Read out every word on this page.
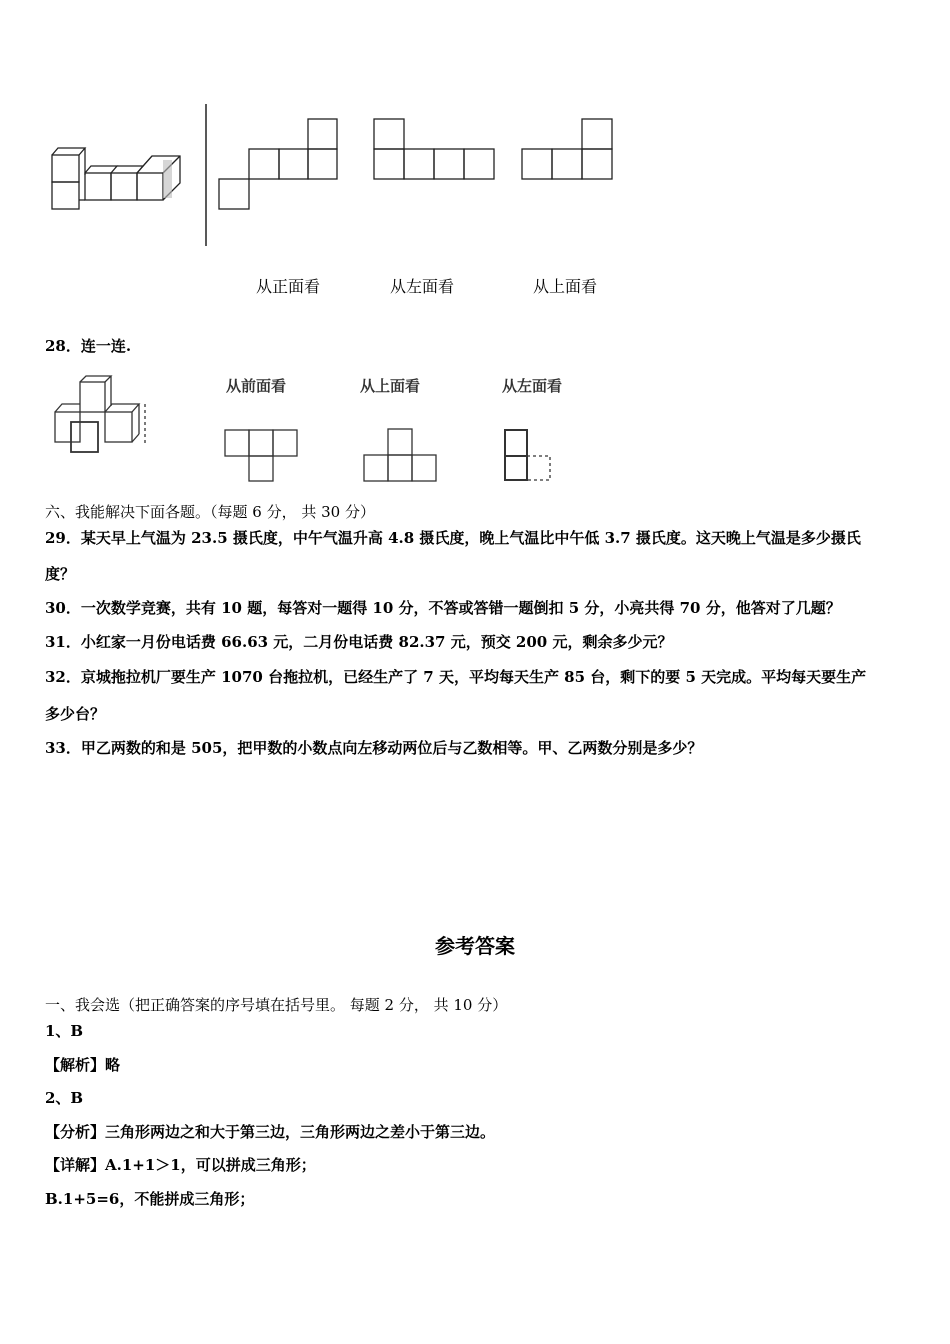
从正面看	从左面看	从上面看
28．连一连.
从前面看	从上面看	从左面看
六、我能解决下面各题。（每题 6 分， 共 30 分）
29．某天早上气温为 23.5 摄氏度，中午气温升高 4.8 摄氏度，晚上气温比中午低 3.7 摄氏度。这天晚上气温是多少摄氏
度？
30．一次数学竞赛，共有 10 题，每答对一题得 10 分，不答或答错一题倒扣 5 分，小亮共得 70 分，他答对了几题？
31．小红家一月份电话费 66.63 元，二月份电话费 82.37 元，预交 200 元，剩余多少元？
32．京城拖拉机厂要生产 1070 台拖拉机，已经生产了 7 天，平均每天生产 85 台，剩下的要 5 天完成。平均每天要生产
多少台？
33．甲乙两数的和是 505，把甲数的小数点向左移动两位后与乙数相等。甲、乙两数分别是多少？
参考答案
一、我会选（把正确答案的序号填在括号里。 每题 2 分， 共 10 分）
1、B
【解析】略
2、B
【分析】三角形两边之和大于第三边，三角形两边之差小于第三边。
【详解】A.1+1＞1，可以拼成三角形；
B.1+5=6，不能拼成三角形；
